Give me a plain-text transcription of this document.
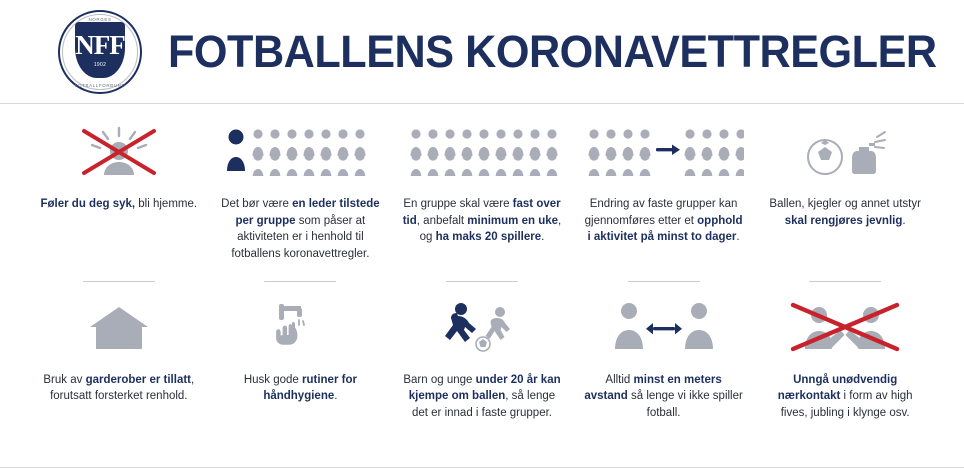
NORGES
FOTBALLFORBUND
NFF
1902	FOTBALLENS KORONAVETTREGLER
Føler du deg syk, bli hjemme. Det bør være en leder tilstede per gruppe som påser at aktiviteten er i henhold til fotballens koronavettregler.
En gruppe skal være fast over tid, anbefalt minimum en uke, og ha maks 20 spillere.
Endring av faste grupper kan gjennomføres etter et opphold i aktivitet på minst to dager.
Ballen, kjegler og annet utstyr skal rengjøres jevnlig.
Bruk av garderober er tillatt, forutsatt forsterket renhold.
Husk gode rutiner for håndhygiene.
Barn og unge under 20 år kan kjempe om ballen, så lenge det er innad i faste grupper.
Alltid minst en meters avstand så lenge vi ikke spiller fotball.
Unngå unødvendig nærkontakt i form av high fives, jubling i klynge osv.
